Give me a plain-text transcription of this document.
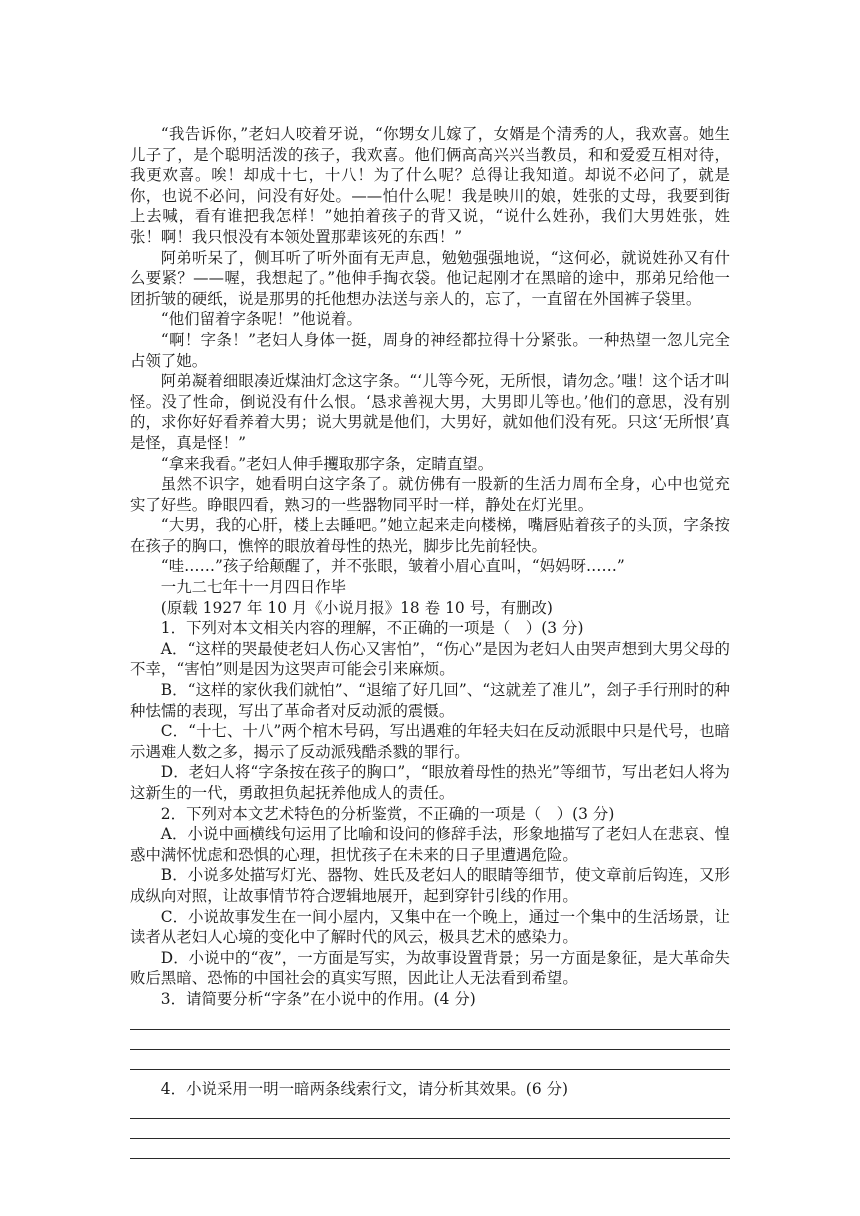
“我告诉你，”老妇人咬着牙说，“你甥女儿嫁了，女婿是个清秀的人，我欢喜。她生儿子了，是个聪明活泼的孩子，我欢喜。他们俩高高兴兴当教员，和和爱爱互相对待，我更欢喜。唉！却成十七，十八！为了什么呢？总得让我知道。却说不必问了，就是你，也说不必问，问没有好处。——怕什么呢！我是映川的娘，姓张的丈母，我要到街上去喊，看有谁把我怎样！”她拍着孩子的背又说，“说什么姓孙，我们大男姓张，姓张！啊！我只恨没有本领处置那辈该死的东西！”

阿弟听呆了，侧耳听了听外面有无声息，勉勉强强地说，“这何必，就说姓孙又有什么要紧？——喔，我想起了。”他伸手掏衣袋。他记起刚才在黑暗的途中，那弟兄给他一团折皱的硬纸，说是那男的托他想办法送与亲人的，忘了，一直留在外国裤子袋里。

“他们留着字条呢！”他说着。

“啊！字条！”老妇人身体一挺，周身的神经都拉得十分紧张。一种热望一忽儿完全占领了她。

阿弟凝着细眼凑近煤油灯念这字条。“‘儿等今死，无所恨，请勿念。’嗤！这个话才叫怪。没了性命，倒说没有什么恨。‘恳求善视大男，大男即儿等也。’他们的意思，没有别的，求你好好看养着大男；说大男就是他们，大男好，就如他们没有死。只这‘无所恨’真是怪，真是怪！”

“拿来我看。”老妇人伸手攫取那字条，定睛直望。

虽然不识字，她看明白这字条了。就仿佛有一股新的生活力周布全身，心中也觉充实了好些。睁眼四看，熟习的一些器物同平时一样，静处在灯光里。

“大男，我的心肝，楼上去睡吧。”她立起来走向楼梯，嘴唇贴着孩子的头顶，字条按在孩子的胸口，憔悴的眼放着母性的热光，脚步比先前轻快。

“哇……”孩子给颠醒了，并不张眼，皱着小眉心直叫，“妈妈呀……”

一九二七年十一月四日作毕

(原载 1927 年 10 月《小说月报》18 卷 10 号，有删改)

1．下列对本文相关内容的理解，不正确的一项是（　）(3 分)

A．“这样的哭最使老妇人伤心又害怕”，“伤心”是因为老妇人由哭声想到大男父母的不幸，“害怕”则是因为这哭声可能会引来麻烦。

B．“这样的家伙我们就怕”、“退缩了好几回”、“这就差了准儿”，刽子手行刑时的种种怯懦的表现，写出了革命者对反动派的震慑。

C．“十七、十八”两个棺木号码，写出遇难的年轻夫妇在反动派眼中只是代号，也暗示遇难人数之多，揭示了反动派残酷杀戮的罪行。

D．老妇人将“字条按在孩子的胸口”，“眼放着母性的热光”等细节，写出老妇人将为这新生的一代，勇敢担负起抚养他成人的责任。

2．下列对本文艺术特色的分析鉴赏，不正确的一项是（　）(3 分)

A．小说中画横线句运用了比喻和设问的修辞手法，形象地描写了老妇人在悲哀、惶惑中满怀忧虑和恐惧的心理，担忧孩子在未来的日子里遭遇危险。

B．小说多处描写灯光、器物、姓氏及老妇人的眼睛等细节，使文章前后钩连，又形成纵向对照，让故事情节符合逻辑地展开，起到穿针引线的作用。

C．小说故事发生在一间小屋内，又集中在一个晚上，通过一个集中的生活场景，让读者从老妇人心境的变化中了解时代的风云，极具艺术的感染力。

D．小说中的“夜”，一方面是写实，为故事设置背景；另一方面是象征，是大革命失败后黑暗、恐怖的中国社会的真实写照，因此让人无法看到希望。

3．请简要分析“字条”在小说中的作用。(4 分)

4．小说采用一明一暗两条线索行文，请分析其效果。(6 分)
